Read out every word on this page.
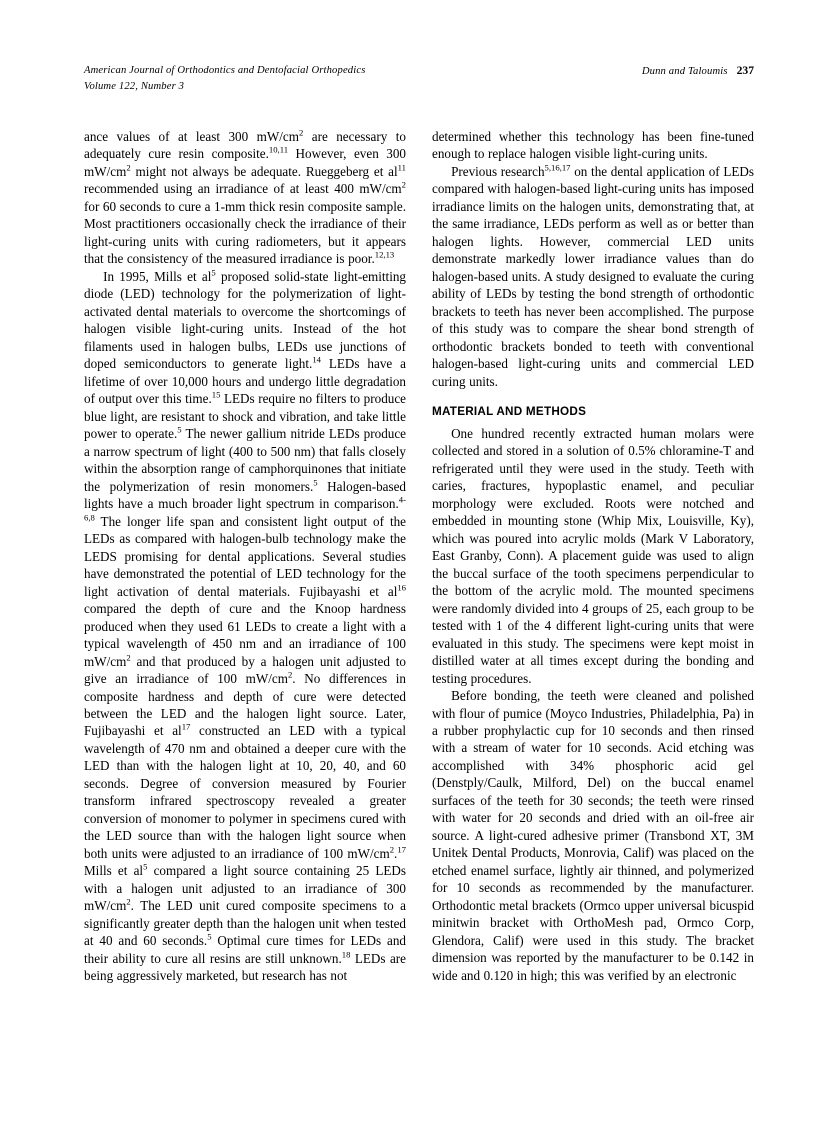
American Journal of Orthodontics and Dentofacial Orthopedics
Volume 122, Number 3
Dunn and Taloumis 237

ance values of at least 300 $mW/cm^2$ are necessary to adequately cure resin composite.$^{10,11}$ However, even 300 $mW/cm^2$ might not always be adequate. Rueggeberg et $al^{11}$ recommended using an irradiance of at least 400 $mW/cm^2$ for 60 seconds to cure a 1-mm thick resin composite sample. Most practitioners occasionally check the irradiance of their light-curing units with curing radiometers, but it appears that the consistency of the measured irradiance is poor.$^{12,13}$

In 1995, Mills et $al^5$ proposed solid-state light-emitting diode (LED) technology for the polymerization of light-activated dental materials to overcome the shortcomings of halogen visible light-curing units. Instead of the hot filaments used in halogen bulbs, LEDs use junctions of doped semiconductors to generate light.$^{14}$ LEDs have a lifetime of over 10,000 hours and undergo little degradation of output over this time.$^{15}$ LEDs require no filters to produce blue light, are resistant to shock and vibration, and take little power to operate.$^5$ The newer gallium nitride LEDs produce a narrow spectrum of light (400 to 500 nm) that falls closely within the absorption range of camphorquinones that initiate the polymerization of resin monomers.$^5$ Halogen-based lights have a much broader light spectrum in comparison.$^{4-6,8}$ The longer life span and consistent light output of the LEDs as compared with halogen-bulb technology make the LEDS promising for dental applications. Several studies have demonstrated the potential of LED technology for the light activation of dental materials. Fujibayashi et $al^{16}$ compared the depth of cure and the Knoop hardness produced when they used 61 LEDs to create a light with a typical wavelength of 450 nm and an irradiance of 100 $mW/cm^2$ and that produced by a halogen unit adjusted to give an irradiance of 100 $mW/cm^2$. No differences in composite hardness and depth of cure were detected between the LED and the halogen light source. Later, Fujibayashi et $al^{17}$ constructed an LED with a typical wavelength of 470 nm and obtained a deeper cure with the LED than with the halogen light at 10, 20, 40, and 60 seconds. Degree of conversion measured by Fourier transform infrared spectroscopy revealed a greater conversion of monomer to polymer in specimens cured with the LED source than with the halogen light source when both units were adjusted to an irradiance of 100 $mW/cm^2.^{17}$ Mills et $al^5$ compared a light source containing 25 LEDs with a halogen unit adjusted to an irradiance of 300 $mW/cm^2$. The LED unit cured composite specimens to a significantly greater depth than the halogen unit when tested at 40 and 60 seconds.$^5$ Optimal cure times for LEDs and their ability to cure all resins are still unknown.$^{18}$ LEDs are being aggressively marketed, but research has not

determined whether this technology has been fine-tuned enough to replace halogen visible light-curing units.

Previous research$^{5,16,17}$ on the dental application of LEDs compared with halogen-based light-curing units has imposed irradiance limits on the halogen units, demonstrating that, at the same irradiance, LEDs perform as well as or better than halogen lights. However, commercial LED units demonstrate markedly lower irradiance values than do halogen-based units. A study designed to evaluate the curing ability of LEDs by testing the bond strength of orthodontic brackets to teeth has never been accomplished. The purpose of this study was to compare the shear bond strength of orthodontic brackets bonded to teeth with conventional halogen-based light-curing units and commercial LED curing units.

MATERIAL AND METHODS

One hundred recently extracted human molars were collected and stored in a solution of 0.5% chloramine-T and refrigerated until they were used in the study. Teeth with caries, fractures, hypoplastic enamel, and peculiar morphology were excluded. Roots were notched and embedded in mounting stone (Whip Mix, Louisville, Ky), which was poured into acrylic molds (Mark V Laboratory, East Granby, Conn). A placement guide was used to align the buccal surface of the tooth specimens perpendicular to the bottom of the acrylic mold. The mounted specimens were randomly divided into 4 groups of 25, each group to be tested with 1 of the 4 different light-curing units that were evaluated in this study. The specimens were kept moist in distilled water at all times except during the bonding and testing procedures.

Before bonding, the teeth were cleaned and polished with flour of pumice (Moyco Industries, Philadelphia, Pa) in a rubber prophylactic cup for 10 seconds and then rinsed with a stream of water for 10 seconds. Acid etching was accomplished with 34% phosphoric acid gel (Denstply/Caulk, Milford, Del) on the buccal enamel surfaces of the teeth for 30 seconds; the teeth were rinsed with water for 20 seconds and dried with an oil-free air source. A light-cured adhesive primer (Transbond XT, 3M Unitek Dental Products, Monrovia, Calif) was placed on the etched enamel surface, lightly air thinned, and polymerized for 10 seconds as recommended by the manufacturer. Orthodontic metal brackets (Ormco upper universal bicuspid minitwin bracket with OrthoMesh pad, Ormco Corp, Glendora, Calif) were used in this study. The bracket dimension was reported by the manufacturer to be 0.142 in wide and 0.120 in high; this was verified by an electronic
